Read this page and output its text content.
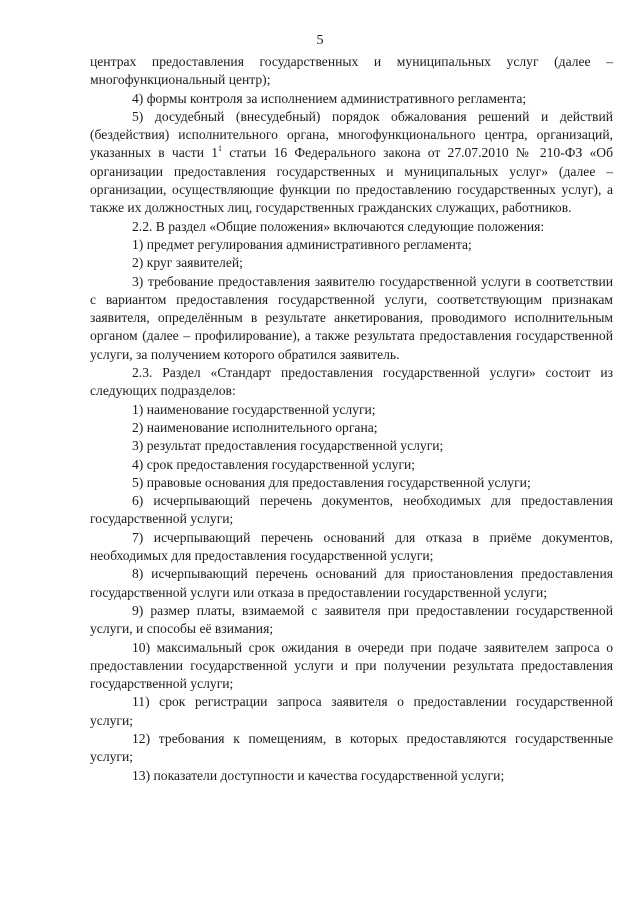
5

центрах предоставления государственных и муниципальных услуг (далее – многофункциональный центр);

4) формы контроля за исполнением административного регламента;

5) досудебный (внесудебный) порядок обжалования решений и действий (бездействия) исполнительного органа, многофункционального центра, организаций, указанных в части $1^1$ статьи 16 Федерального закона от 27.07.2010 № 210-ФЗ «Об организации предоставления государственных и муниципальных услуг» (далее – организации, осуществляющие функции по предоставлению государственных услуг), а также их должностных лиц, государственных гражданских служащих, работников.

2.2. В раздел «Общие положения» включаются следующие положения:

1) предмет регулирования административного регламента;

2) круг заявителей;

3) требование предоставления заявителю государственной услуги в соответствии с вариантом предоставления государственной услуги, соответствующим признакам заявителя, определённым в результате анкетирования, проводимого исполнительным органом (далее – профилирование), а также результата предоставления государственной услуги, за получением которого обратился заявитель.

2.3. Раздел «Стандарт предоставления государственной услуги» состоит из следующих подразделов:

1) наименование государственной услуги;

2) наименование исполнительного органа;

3) результат предоставления государственной услуги;

4) срок предоставления государственной услуги;

5) правовые основания для предоставления государственной услуги;

6) исчерпывающий перечень документов, необходимых для предоставления государственной услуги;

7) исчерпывающий перечень оснований для отказа в приёме документов, необходимых для предоставления государственной услуги;

8) исчерпывающий перечень оснований для приостановления предоставления государственной услуги или отказа в предоставлении государственной услуги;

9) размер платы, взимаемой с заявителя при предоставлении государственной услуги, и способы её взимания;

10) максимальный срок ожидания в очереди при подаче заявителем запроса о предоставлении государственной услуги и при получении результата предоставления государственной услуги;

11) срок регистрации запроса заявителя о предоставлении государственной услуги;

12) требования к помещениям, в которых предоставляются государственные услуги;

13) показатели доступности и качества государственной услуги;
